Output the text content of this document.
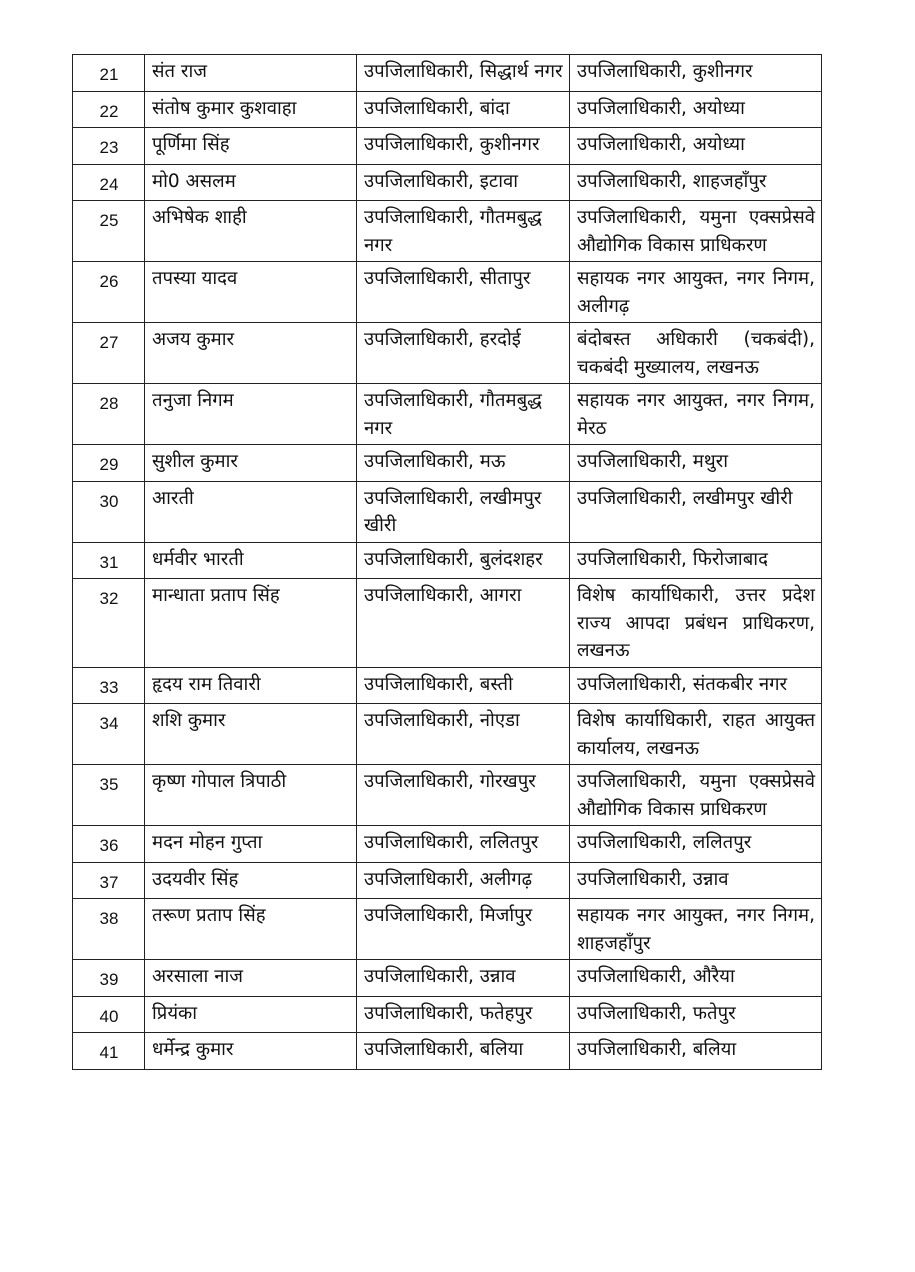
21	संत राज	उपजिलाधिकारी, सिद्धार्थ नगर	उपजिलाधिकारी, कुशीनगर
22	संतोष कुमार कुशवाहा	उपजिलाधिकारी, बांदा	उपजिलाधिकारी, अयोध्या
23	पूर्णिमा सिंह	उपजिलाधिकारी, कुशीनगर	उपजिलाधिकारी, अयोध्या
24	मो0 असलम	उपजिलाधिकारी, इटावा	उपजिलाधिकारी, शाहजहाँपुर
25	अभिषेक शाही	उपजिलाधिकारी, गौतमबुद्ध नगर	उपजिलाधिकारी, यमुना एक्सप्रेसवे औद्योगिक विकास प्राधिकरण
26	तपस्या यादव	उपजिलाधिकारी, सीतापुर	सहायक नगर आयुक्त, नगर निगम, अलीगढ़
27	अजय कुमार	उपजिलाधिकारी, हरदोई	बंदोबस्त अधिकारी (चकबंदी), चकबंदी मुख्यालय, लखनऊ
28	तनुजा निगम	उपजिलाधिकारी, गौतमबुद्ध नगर	सहायक नगर आयुक्त, नगर निगम, मेरठ
29	सुशील कुमार	उपजिलाधिकारी, मऊ	उपजिलाधिकारी, मथुरा
30	आरती	उपजिलाधिकारी, लखीमपुर खीरी	उपजिलाधिकारी, लखीमपुर खीरी
31	धर्मवीर भारती	उपजिलाधिकारी, बुलंदशहर	उपजिलाधिकारी, फिरोजाबाद
32	मान्धाता प्रताप सिंह	उपजिलाधिकारी, आगरा	विशेष कार्याधिकारी, उत्तर प्रदेश राज्य आपदा प्रबंधन प्राधिकरण, लखनऊ
33	हृदय राम तिवारी	उपजिलाधिकारी, बस्ती	उपजिलाधिकारी, संतकबीर नगर
34	शशि कुमार	उपजिलाधिकारी, नोएडा	विशेष कार्याधिकारी, राहत आयुक्त कार्यालय, लखनऊ
35	कृष्ण गोपाल त्रिपाठी	उपजिलाधिकारी, गोरखपुर	उपजिलाधिकारी, यमुना एक्सप्रेसवे औद्योगिक विकास प्राधिकरण
36	मदन मोहन गुप्ता	उपजिलाधिकारी, ललितपुर	उपजिलाधिकारी, ललितपुर
37	उदयवीर सिंह	उपजिलाधिकारी, अलीगढ़	उपजिलाधिकारी, उन्नाव
38	तरूण प्रताप सिंह	उपजिलाधिकारी, मिर्जापुर	सहायक नगर आयुक्त, नगर निगम, शाहजहाँपुर
39	अरसाला नाज	उपजिलाधिकारी, उन्नाव	उपजिलाधिकारी, औरैया
40	प्रियंका	उपजिलाधिकारी, फतेहपुर	उपजिलाधिकारी, फतेपुर
41	धर्मेन्द्र कुमार	उपजिलाधिकारी, बलिया	उपजिलाधिकारी, बलिया
